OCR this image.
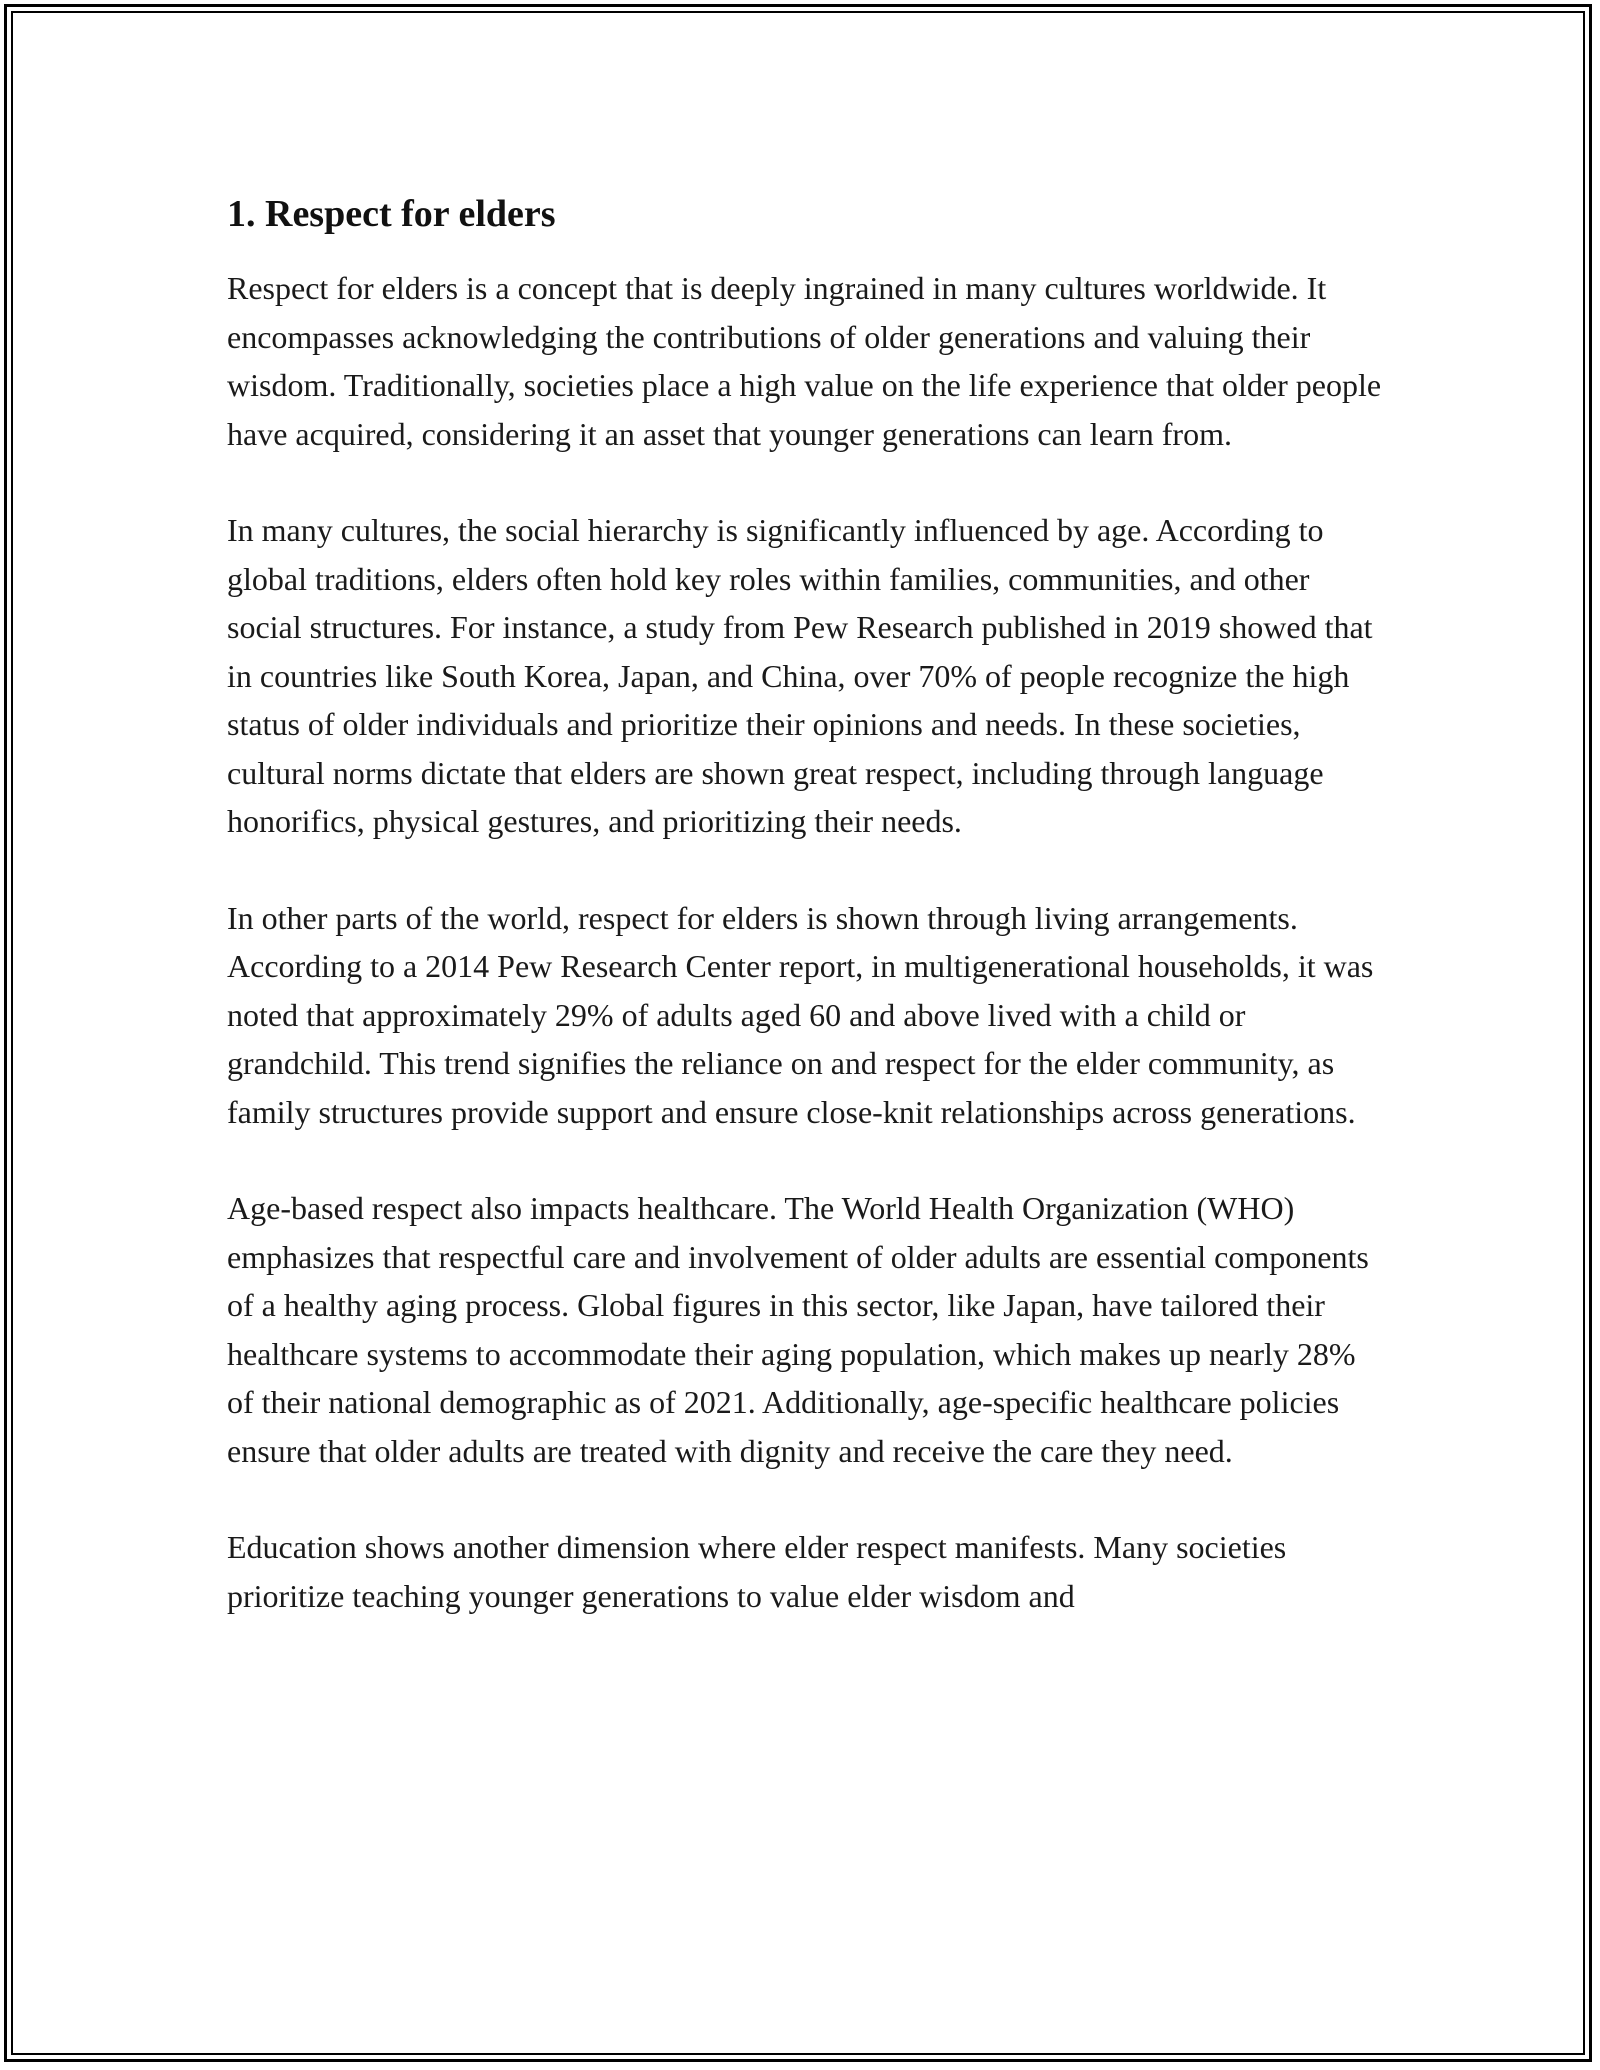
1. Respect for elders

Respect for elders is a concept that is deeply ingrained in many cultures worldwide. It encompasses acknowledging the contributions of older generations and valuing their wisdom. Traditionally, societies place a high value on the life experience that older people have acquired, considering it an asset that younger generations can learn from.

In many cultures, the social hierarchy is significantly influenced by age. According to global traditions, elders often hold key roles within families, communities, and other social structures. For instance, a study from Pew Research published in 2019 showed that in countries like South Korea, Japan, and China, over 70% of people recognize the high status of older individuals and prioritize their opinions and needs. In these societies, cultural norms dictate that elders are shown great respect, including through language honorifics, physical gestures, and prioritizing their needs.

In other parts of the world, respect for elders is shown through living arrangements. According to a 2014 Pew Research Center report, in multigenerational households, it was noted that approximately 29% of adults aged 60 and above lived with a child or grandchild. This trend signifies the reliance on and respect for the elder community, as family structures provide support and ensure close-knit relationships across generations.

Age-based respect also impacts healthcare. The World Health Organization (WHO) emphasizes that respectful care and involvement of older adults are essential components of a healthy aging process. Global figures in this sector, like Japan, have tailored their healthcare systems to accommodate their aging population, which makes up nearly 28% of their national demographic as of 2021. Additionally, age-specific healthcare policies ensure that older adults are treated with dignity and receive the care they need.

Education shows another dimension where elder respect manifests. Many societies prioritize teaching younger generations to value elder wisdom and
